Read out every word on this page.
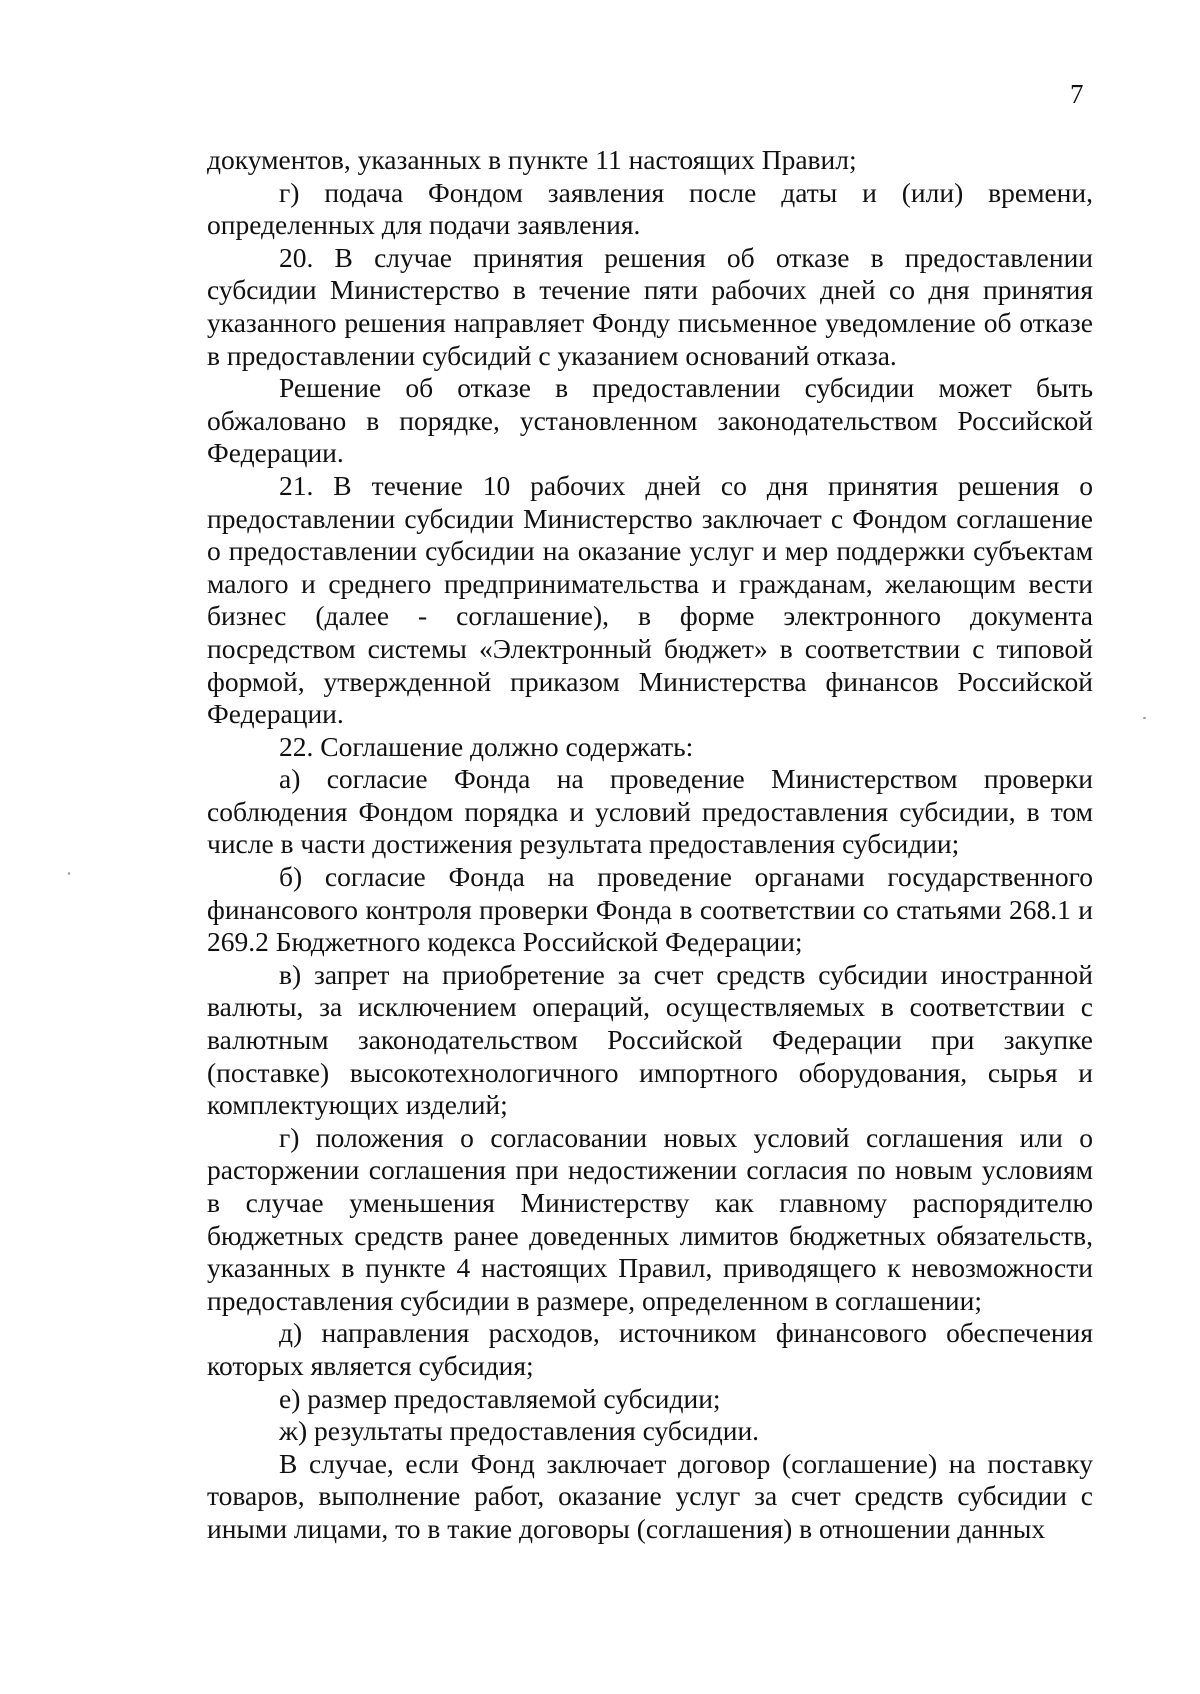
7

документов, указанных в пункте 11 настоящих Правил;

г) подача Фондом заявления после даты и (или) времени, определенных для подачи заявления.

20. В случае принятия решения об отказе в предоставлении субсидии Министерство в течение пяти рабочих дней со дня принятия указанного решения направляет Фонду письменное уведомление об отказе в предоставлении субсидий с указанием оснований отказа.

Решение об отказе в предоставлении субсидии может быть обжаловано в порядке, установленном законодательством Российской Федерации.

21. В течение 10 рабочих дней со дня принятия решения о предоставлении субсидии Министерство заключает с Фондом соглашение о предоставлении субсидии на оказание услуг и мер поддержки субъектам малого и среднего предпринимательства и гражданам, желающим вести бизнес (далее - соглашение), в форме электронного документа посредством системы «Электронный бюджет» в соответствии с типовой формой, утвержденной приказом Министерства финансов Российской Федерации.

22. Соглашение должно содержать:

а) согласие Фонда на проведение Министерством проверки соблюдения Фондом порядка и условий предоставления субсидии, в том числе в части достижения результата предоставления субсидии;

б) согласие Фонда на проведение органами государственного финансового контроля проверки Фонда в соответствии со статьями 268.1 и 269.2 Бюджетного кодекса Российской Федерации;

в) запрет на приобретение за счет средств субсидии иностранной валюты, за исключением операций, осуществляемых в соответствии с валютным законодательством Российской Федерации при закупке (поставке) высокотехнологичного импортного оборудования, сырья и комплектующих изделий;

г) положения о согласовании новых условий соглашения или о расторжении соглашения при недостижении согласия по новым условиям в случае уменьшения Министерству как главному распорядителю бюджетных средств ранее доведенных лимитов бюджетных обязательств, указанных в пункте 4 настоящих Правил, приводящего к невозможности предоставления субсидии в размере, определенном в соглашении;

д) направления расходов, источником финансового обеспечения которых является субсидия;

е) размер предоставляемой субсидии;

ж) результаты предоставления субсидии.

В случае, если Фонд заключает договор (соглашение) на поставку товаров, выполнение работ, оказание услуг за счет средств субсидии с иными лицами, то в такие договоры (соглашения) в отношении данных
